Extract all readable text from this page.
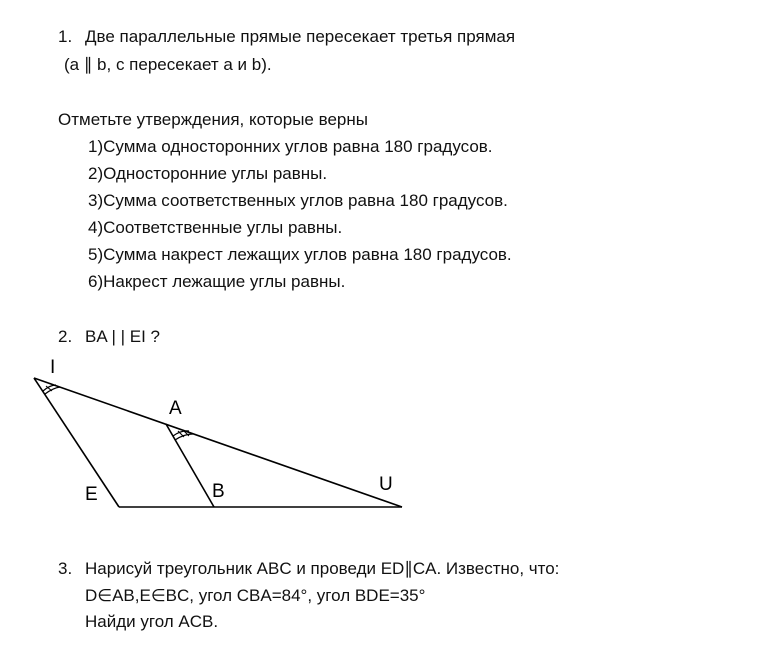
1. Две параллельные прямые пересекает третья прямая
(a ∥ b, c пересекает a и b).
Отметьте утверждения, которые верны
1)Сумма односторонних углов равна 180 градусов.
2)Односторонние углы равны.
3)Сумма соответственных углов равна 180 градусов.
4)Соответственные углы равны.
5)Сумма накрест лежащих углов равна 180 градусов.
6)Накрест лежащие углы равны.
2. BA | | EI ?
I
A
E	B	U
3. Нарисуй треугольник ABC и проведи ED∥CA. Известно, что:
D∈AB,E∈BC, угол CBA=84°, угол BDE=35°
Найди угол ACB.
